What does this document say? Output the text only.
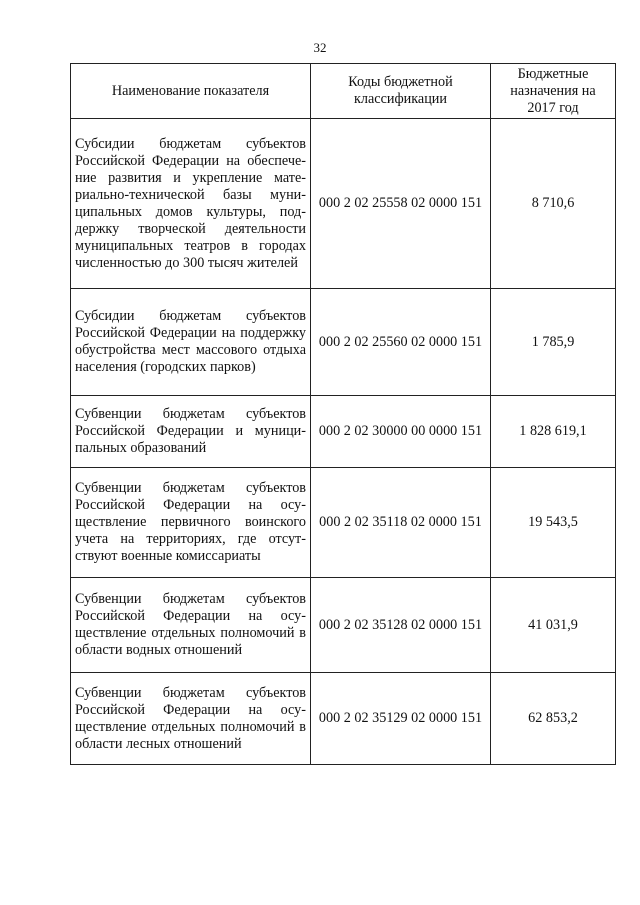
32
Наименование показателя	Коды бюджетной классификации	Бюджетные назначения на 2017 год
Субсидии бюджетам субъектов Российской Федерации на обеспечение развития и укрепление материально-технической базы муниципальных домов культуры, поддержку творческой деятельности муниципальных театров в городах численностью до 300 тысяч жителей	000 2 02 25558 02 0000 151	8 710,6
Субсидии бюджетам субъектов Российской Федерации на поддержку обустройства мест массового отдыха населения (городских парков)	000 2 02 25560 02 0000 151	1 785,9
Субвенции бюджетам субъектов Российской Федерации и муниципальных образований	000 2 02 30000 00 0000 151	1 828 619,1
Субвенции бюджетам субъектов Российской Федерации на осуществление первичного воинского учета на территориях, где отсутствуют военные комиссариаты	000 2 02 35118 02 0000 151	19 543,5
Субвенции бюджетам субъектов Российской Федерации на осуществление отдельных полномочий в области водных отношений	000 2 02 35128 02 0000 151	41 031,9
Субвенции бюджетам субъектов Российской Федерации на осуществление отдельных полномочий в области лесных отношений	000 2 02 35129 02 0000 151	62 853,2
